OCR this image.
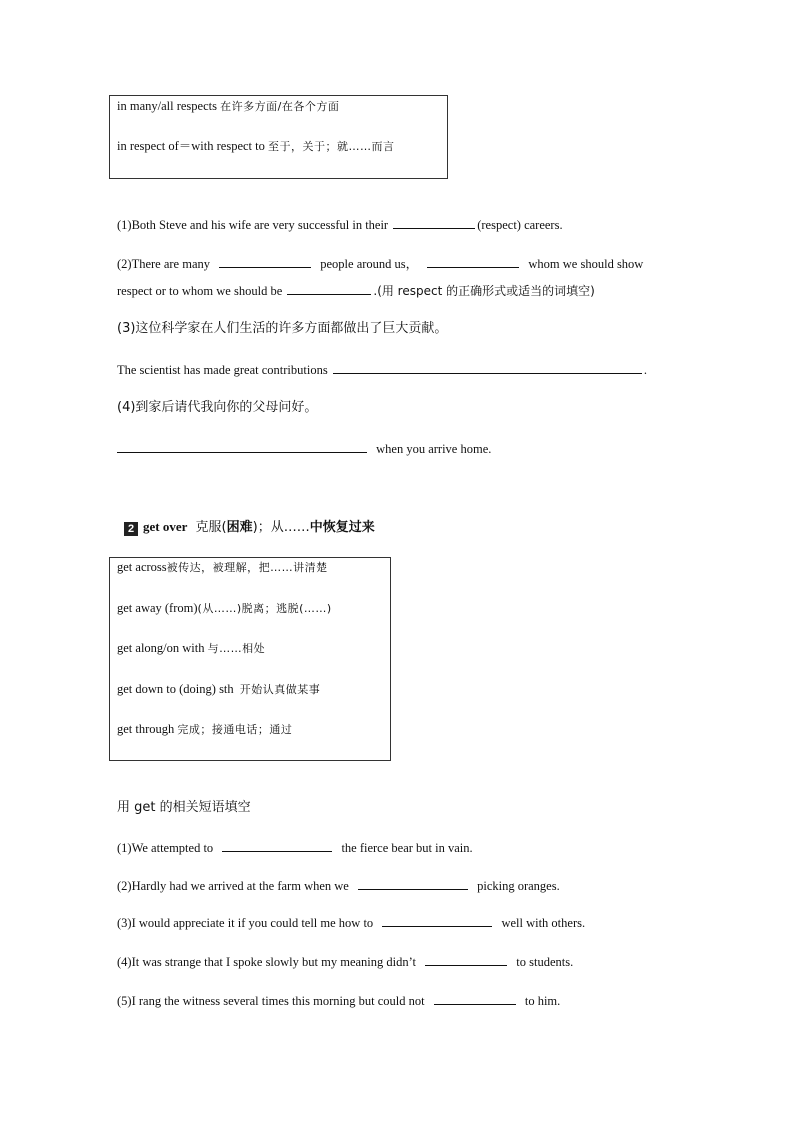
in many/all respects 在许多方面/在各个方面
in respect of＝with respect to 至于，关于；就……而言
(1)Both Steve and his wife are very successful in their	(respect) careers.
(2)There are many	people around us，	whom we should show
respect or to whom we should be	.(用 respect 的正确形式或适当的词填空)
(3)这位科学家在人们生活的许多方面都做出了巨大贡献。
The scientist has made great contributions	.
(4)到家后请代我向你的父母问好。
when you arrive home.
2 get over 克服(困难)；从……中恢复过来
get across被传达，被理解，把……讲清楚
get away (from)(从……)脱离；逃脱(……)
get along/on with 与……相处
get down to (doing) sth 开始认真做某事
get through 完成；接通电话；通过
用 get 的相关短语填空
(1)We attempted to	the fierce bear but in vain.
(2)Hardly had we arrived at the farm when we	picking oranges.
(3)I would appreciate it if you could tell me how to	well with others.
(4)It was strange that I spoke slowly but my meaning didn’t	to students.
(5)I rang the witness several times this morning but could not	to him.
